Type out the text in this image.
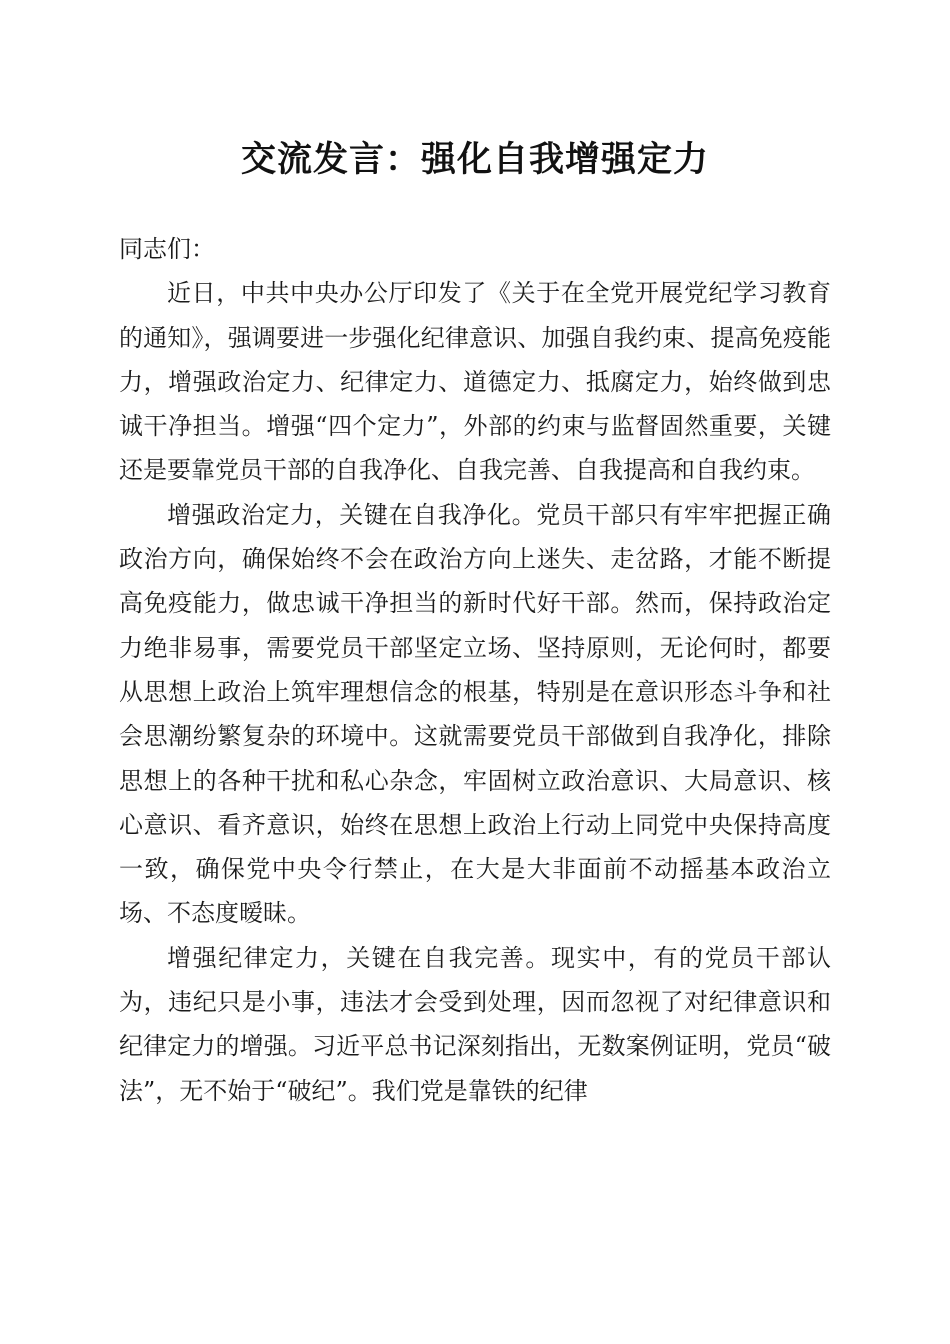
交流发言：强化自我增强定力

同志们：

近日，中共中央办公厅印发了《关于在全党开展党纪学习教育的通知》，强调要进一步强化纪律意识、加强自我约束、提高免疫能力，增强政治定力、纪律定力、道德定力、抵腐定力，始终做到忠诚干净担当。增强“四个定力”，外部的约束与监督固然重要，关键还是要靠党员干部的自我净化、自我完善、自我提高和自我约束。

增强政治定力，关键在自我净化。党员干部只有牢牢把握正确政治方向，确保始终不会在政治方向上迷失、走岔路，才能不断提高免疫能力，做忠诚干净担当的新时代好干部。然而，保持政治定力绝非易事，需要党员干部坚定立场、坚持原则，无论何时，都要从思想上政治上筑牢理想信念的根基，特别是在意识形态斗争和社会思潮纷繁复杂的环境中。这就需要党员干部做到自我净化，排除思想上的各种干扰和私心杂念，牢固树立政治意识、大局意识、核心意识、看齐意识，始终在思想上政治上行动上同党中央保持高度一致，确保党中央令行禁止，在大是大非面前不动摇基本政治立场、不态度暧昧。

增强纪律定力，关键在自我完善。现实中，有的党员干部认为，违纪只是小事，违法才会受到处理，因而忽视了对纪律意识和纪律定力的增强。习近平总书记深刻指出，无数案例证明，党员“破法”，无不始于“破纪”。我们党是靠铁的纪律
